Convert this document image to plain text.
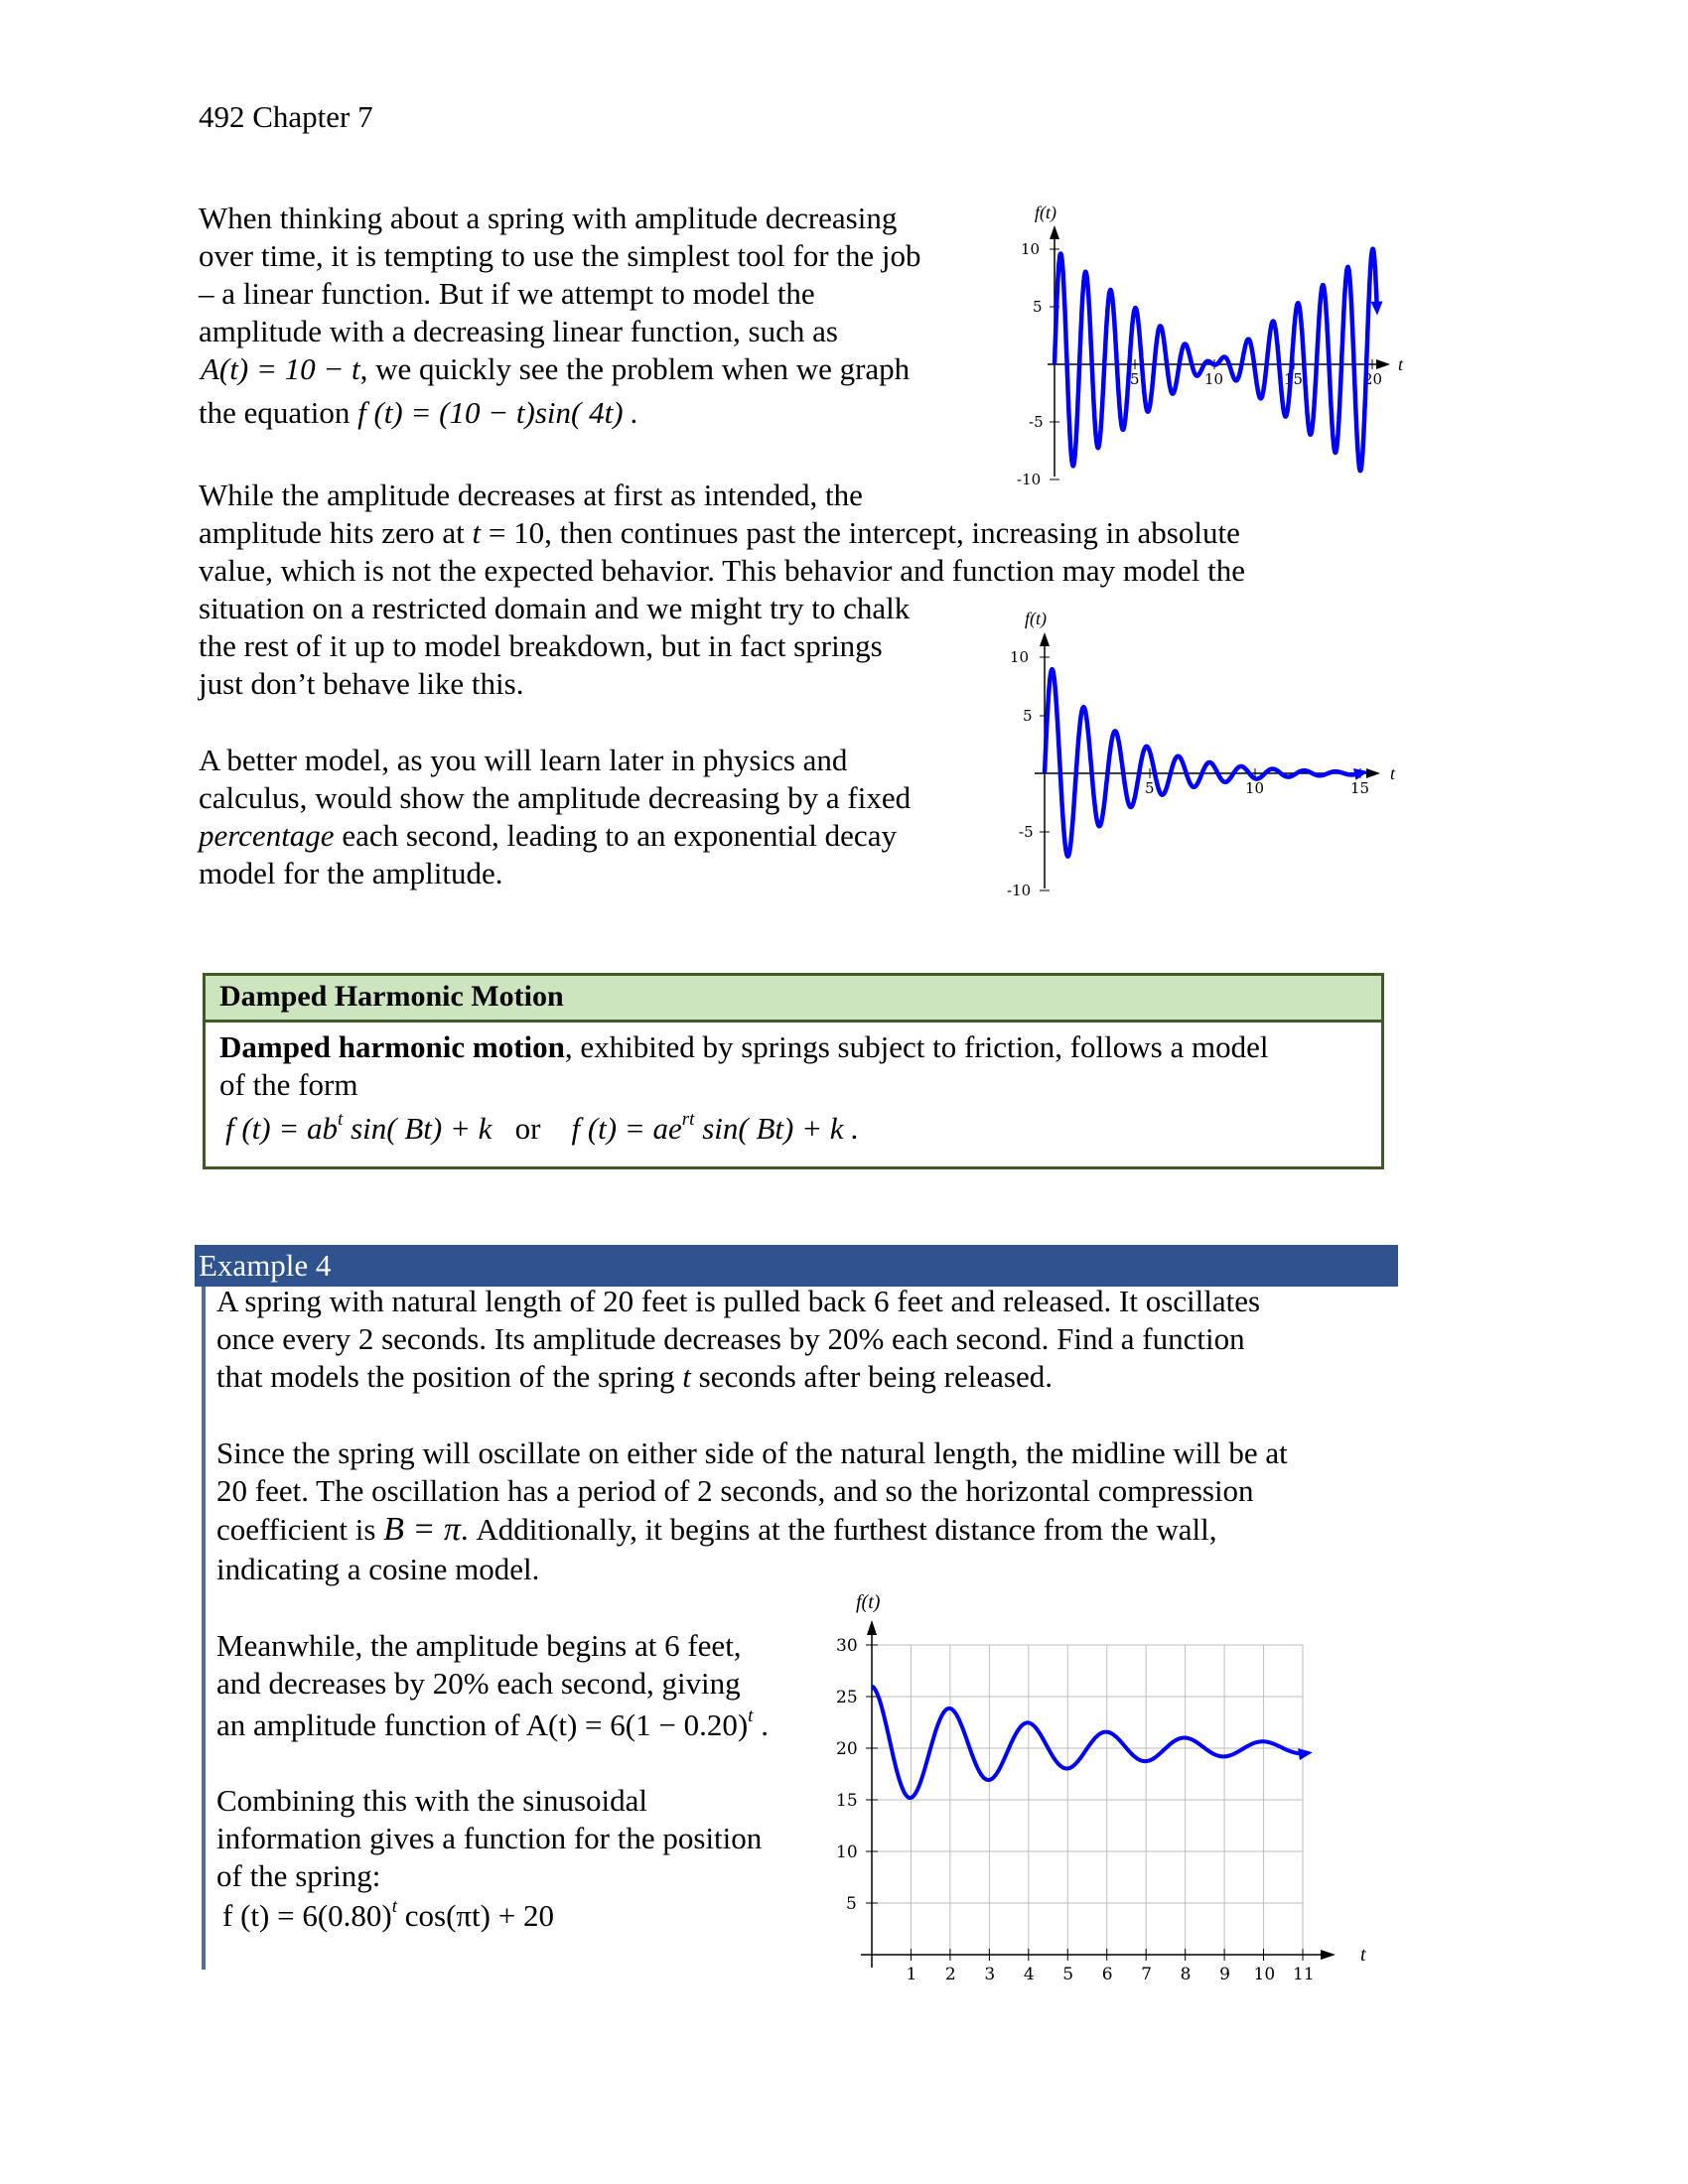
492 Chapter 7
When thinking about a spring with amplitude decreasing
over time, it is tempting to use the simplest tool for the job
– a linear function. But if we attempt to model the
amplitude with a decreasing linear function, such as
A(t) = 10 − t, we quickly see the problem when we graph
the equation f (t) = (10 − t)sin( 4t) .
f(t)
t
10
5
-5
-10
5	10	15	20
While the amplitude decreases at first as intended, the
amplitude hits zero at t = 10, then continues past the intercept, increasing in absolute
value, which is not the expected behavior. This behavior and function may model the
situation on a restricted domain and we might try to chalk
the rest of it up to model breakdown, but in fact springs
just don’t behave like this.
A better model, as you will learn later in physics and
calculus, would show the amplitude decreasing by a fixed
percentage each second, leading to an exponential decay
model for the amplitude.
f(t)
t
10
5
-5
-10
5	10	15
Damped Harmonic Motion
Damped harmonic motion, exhibited by springs subject to friction, follows a model
of the form
f $(t) = ab^t$ sin( Bt) + k or f $(t) = ae^{rt}$ sin( Bt) + k .
Example 4
A spring with natural length of 20 feet is pulled back 6 feet and released. It oscillates
once every 2 seconds. Its amplitude decreases by 20% each second. Find a function
that models the position of the spring t seconds after being released.
Since the spring will oscillate on either side of the natural length, the midline will be at
20 feet. The oscillation has a period of 2 seconds, and so the horizontal compression
coefficient is B = π. Additionally, it begins at the furthest distance from the wall,
indicating a cosine model.
Meanwhile, the amplitude begins at 6 feet,
and decreases by 20% each second, giving
an amplitude function of $A(t) = 6(1 - 0.20)^t$ .
Combining this with the sinusoidal
information gives a function for the position
of the spring:
f $(t) = 6(0.80)^t$ cos(πt) + 20
f(t)
t
1 2 3 4 5 6 7 8 9 10 11
30
25
20
15
10
5
